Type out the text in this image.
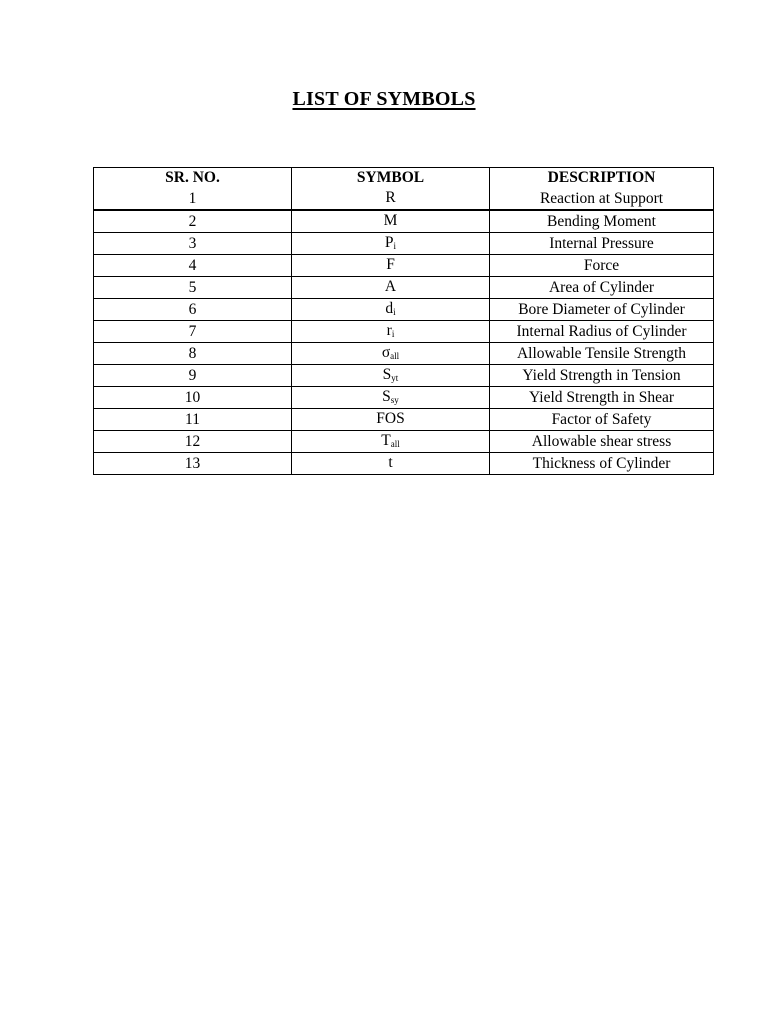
LIST OF SYMBOLS
SR. NO.	SYMBOL	DESCRIPTION
1	R	Reaction at Support
2	M	Bending Moment
3	Pi	Internal Pressure
4	F	Force
5	A	Area of Cylinder
6	di	Bore Diameter of Cylinder
7	ri	Internal Radius of Cylinder
8	σall	Allowable Tensile Strength
9	Syt	Yield Strength in Tension
10	Ssy	Yield Strength in Shear
11	FOS	Factor of Safety
12	Tall	Allowable shear stress
13	t	Thickness of Cylinder
